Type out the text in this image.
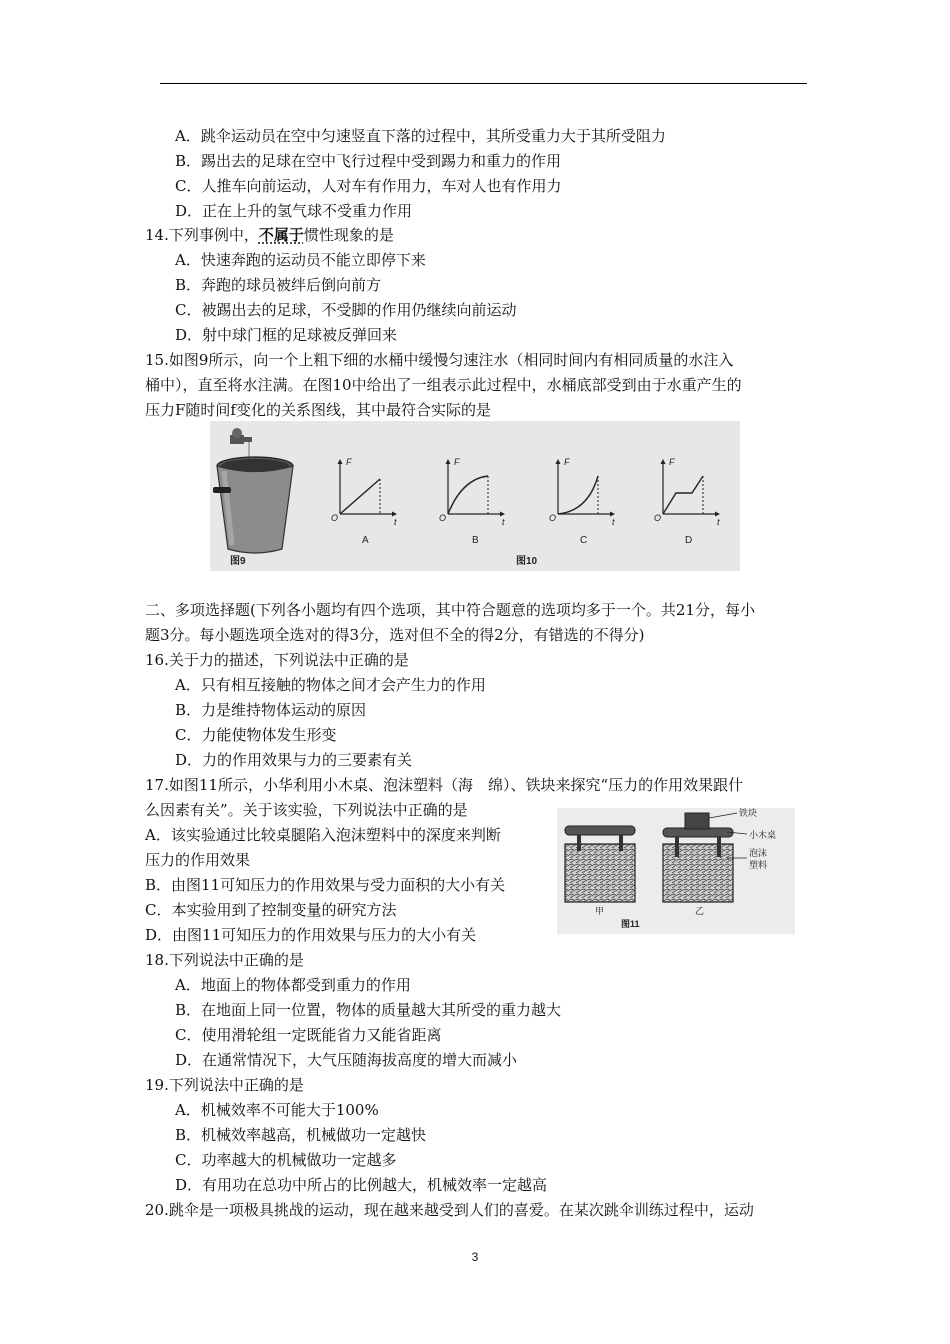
A．跳伞运动员在空中匀速竖直下落的过程中，其所受重力大于其所受阻力
B．踢出去的足球在空中飞行过程中受到踢力和重力的作用
C．人推车向前运动，人对车有作用力，车对人也有作用力
D．正在上升的氢气球不受重力作用
14.下列事例中，不属于惯性现象的是
A．快速奔跑的运动员不能立即停下来
B．奔跑的球员被绊后倒向前方
C．被踢出去的足球，不受脚的作用仍继续向前运动
D．射中球门框的足球被反弹回来
15.如图9所示，向一个上粗下细的水桶中缓慢匀速注水（相同时间内有相同质量的水注入
桶中），直至将水注满。在图10中给出了一组表示此过程中，水桶底部受到由于水重产生的
压力F随时间f变化的关系图线，其中最符合实际的是
图9
F
O	t
A
F
O	t
B
F
O	t
C
F
O	t
D
图10
二、多项选择题(下列各小题均有四个选项，其中符合题意的选项均多于一个。共21分，每小
题3分。每小题选项全选对的得3分，选对但不全的得2分，有错选的不得分)
16.关于力的描述，下列说法中正确的是
A．只有相互接触的物体之间才会产生力的作用
B．力是维持物体运动的原因
C．力能使物体发生形变
D．力的作用效果与力的三要素有关
17.如图11所示，小华利用小木桌、泡沫塑料（海　绵）、铁块来探究“压力的作用效果跟什
么因素有关”。关于该实验，下列说法中正确的是
A．该实验通过比较桌腿陷入泡沫塑料中的深度来判断
压力的作用效果
B．由图11可知压力的作用效果与受力面积的大小有关
C．本实验用到了控制变量的研究方法
D．由图11可知压力的作用效果与压力的大小有关
铁块
小木桌
泡沫
塑料
甲	乙
图11
18.下列说法中正确的是
A．地面上的物体都受到重力的作用
B．在地面上同一位置，物体的质量越大其所受的重力越大
C．使用滑轮组一定既能省力又能省距离
D．在通常情况下，大气压随海拔高度的增大而减小
19.下列说法中正确的是
A．机械效率不可能大于100%
B．机械效率越高，机械做功一定越快
C．功率越大的机械做功一定越多
D．有用功在总功中所占的比例越大，机械效率一定越高
20.跳伞是一项极具挑战的运动，现在越来越受到人们的喜爱。在某次跳伞训练过程中，运动
3
